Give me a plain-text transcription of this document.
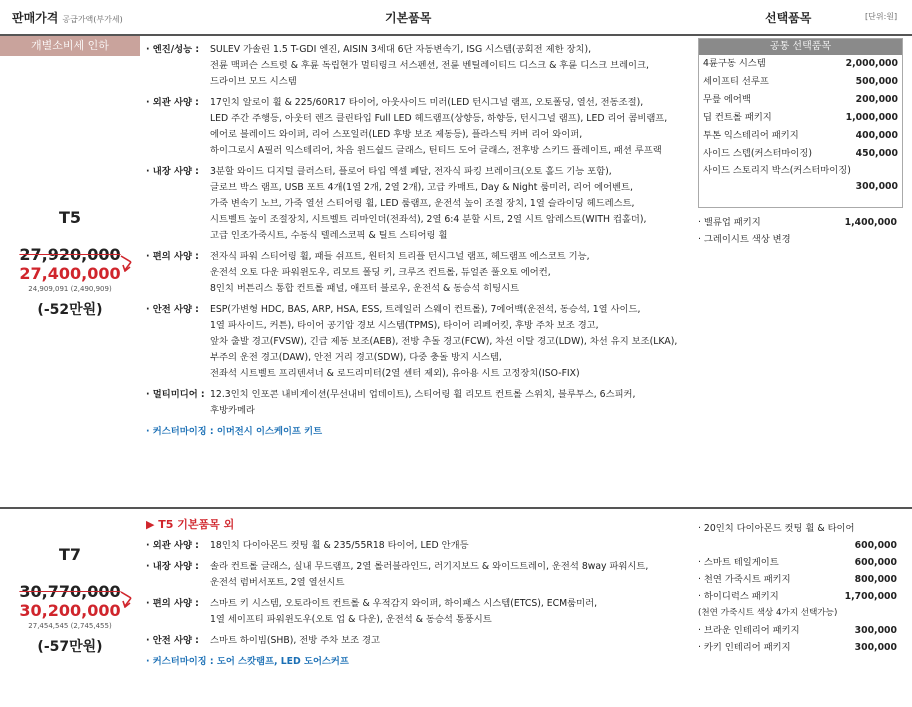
판매가격 공급가액(부가세)	기본품목	선택품목	[단위:원]
개별소비세 인하
T5
27,920,000
27,400,000
24,909,091 (2,490,909)
(-52만원)
· 엔진/성능 : SULEV 가솔린 1.5 T-GDI 엔진, AISIN 3세대 6단 자동변속기, ISG 시스템(공회전 제한 장치),
전륜 맥퍼슨 스트럿 & 후륜 독립현가 멀티링크 서스펜션, 전륜 벤틸레이티드 디스크 & 후륜 디스크 브레이크,
드라이브 모드 시스템
· 외관 사양 : 17인치 알로이 휠 & 225/60R17 타이어, 아웃사이드 미러(LED 턴시그널 램프, 오토폴딩, 열선, 전동조절),
LED 주간 주행등, 아웃터 렌즈 클린타입 Full LED 헤드램프(상향등, 하향등, 턴시그널 램프), LED 리어 콤비램프,
에어로 블레이드 와이퍼, 리어 스포일러(LED 후방 보조 제동등), 플라스틱 커버 리어 와이퍼,
하이그로시 A필러 익스테리어, 차음 윈드쉴드 글래스, 틴티드 도어 글래스, 전후방 스키드 플레이트, 패션 루프랙
· 내장 사양 : 3분할 와이드 디지털 클러스터, 플로어 타입 엑셀 페달, 전자식 파킹 브레이크(오토 홀드 기능 포함),
글로브 박스 램프, USB 포트 4개(1열 2개, 2열 2개), 고급 카매트, Day & Night 룸미러, 리어 에어벤트,
가죽 변속기 노브, 가죽 열선 스티어링 휠, LED 룸램프, 운전석 높이 조절 장치, 1열 슬라이딩 헤드레스트,
시트벨트 높이 조절장치, 시트벨트 리마인더(전좌석), 2열 6:4 분할 시트, 2열 시트 암레스트(WITH 컵홀더),
고급 인조가죽시트, 수동식 텔레스코픽 & 틸트 스티어링 휠
· 편의 사양 : 전자식 파워 스티어링 휠, 패들 쉬프트, 원터치 트리플 턴시그널 램프, 헤드램프 에스코트 기능,
운전석 오토 다운 파워윈도우, 리모트 폴딩 키, 크루즈 컨트롤, 듀얼존 풀오토 에어컨,
8인치 버튼리스 통합 컨트롤 패널, 애프터 블로우, 운전석 & 동승석 히팅시트
· 안전 사양 : ESP(가변형 HDC, BAS, ARP, HSA, ESS, 트레일러 스웨이 컨트롤), 7에어백(운전석, 동승석, 1열 사이드,
1열 파사이드, 커튼), 타이어 공기압 경보 시스템(TPMS), 타이어 리페어킷, 후방 주차 보조 경고,
앞차 출발 경고(FVSW), 긴급 제동 보조(AEB), 전방 추돌 경고(FCW), 차선 이탈 경고(LDW), 차선 유지 보조(LKA),
부주의 운전 경고(DAW), 안전 거리 경고(SDW), 다중 충돌 방지 시스템,
전좌석 시트벨트 프리텐셔너 & 로드리미터(2열 센터 제외), 유아용 시트 고정장치(ISO-FIX)
· 멀티미디어 : 12.3인치 인포콘 내비게이션(무선내비 업데이트), 스티어링 휠 리모트 컨트롤 스위치, 블루투스, 6스피커,
후방카메라
· 커스터마이징 : 이머전시 이스케이프 키트
공통 선택품목
4륜구동 시스템	2,000,000
세이프티 선루프	500,000
무릎 에어백	200,000
딥 컨트롤 패키지	1,000,000
투톤 익스테리어 패키지	400,000
사이드 스텝(커스터마이징)	450,000
사이드 스토리지 박스(커스터마이징)
300,000
· 밸류업 패키지	1,400,000
· 그레이시트 색상 변경
T7
30,770,000
30,200,000
27,454,545 (2,745,455)
(-57만원)
▶ T5 기본품목 외
· 외관 사양 : 18인치 다이아몬드 컷팅 휠 & 235/55R18 타이어, LED 안개등
· 내장 사양 : 솔라 컨트롤 글래스, 실내 무드램프, 2열 롤러블라인드, 러기지보드 & 와이드트레이, 운전석 8way 파워시트,
운전석 럼버서포트, 2열 열선시트
· 편의 사양 : 스마트 키 시스템, 오토라이트 컨트롤 & 우적감지 와이퍼, 하이패스 시스템(ETCS), ECM룸미러,
1열 세이프티 파워윈도우(오토 업 & 다운), 운전석 & 동승석 통풍시트
· 안전 사양 : 스마트 하이빔(SHB), 전방 주차 보조 경고
· 커스터마이징 : 도어 스캇램프, LED 도어스커프
· 20인치 다이아몬드 컷팅 휠 & 타이어
600,000
· 스마트 테일게이트	600,000
· 천연 가죽시트 패키지	800,000
· 하이디럭스 패키지	1,700,000
(천연 가죽시트 색상 4가지 선택가능)
· 브라운 인테리어 패키지	300,000
· 카키 인테리어 패키지	300,000
